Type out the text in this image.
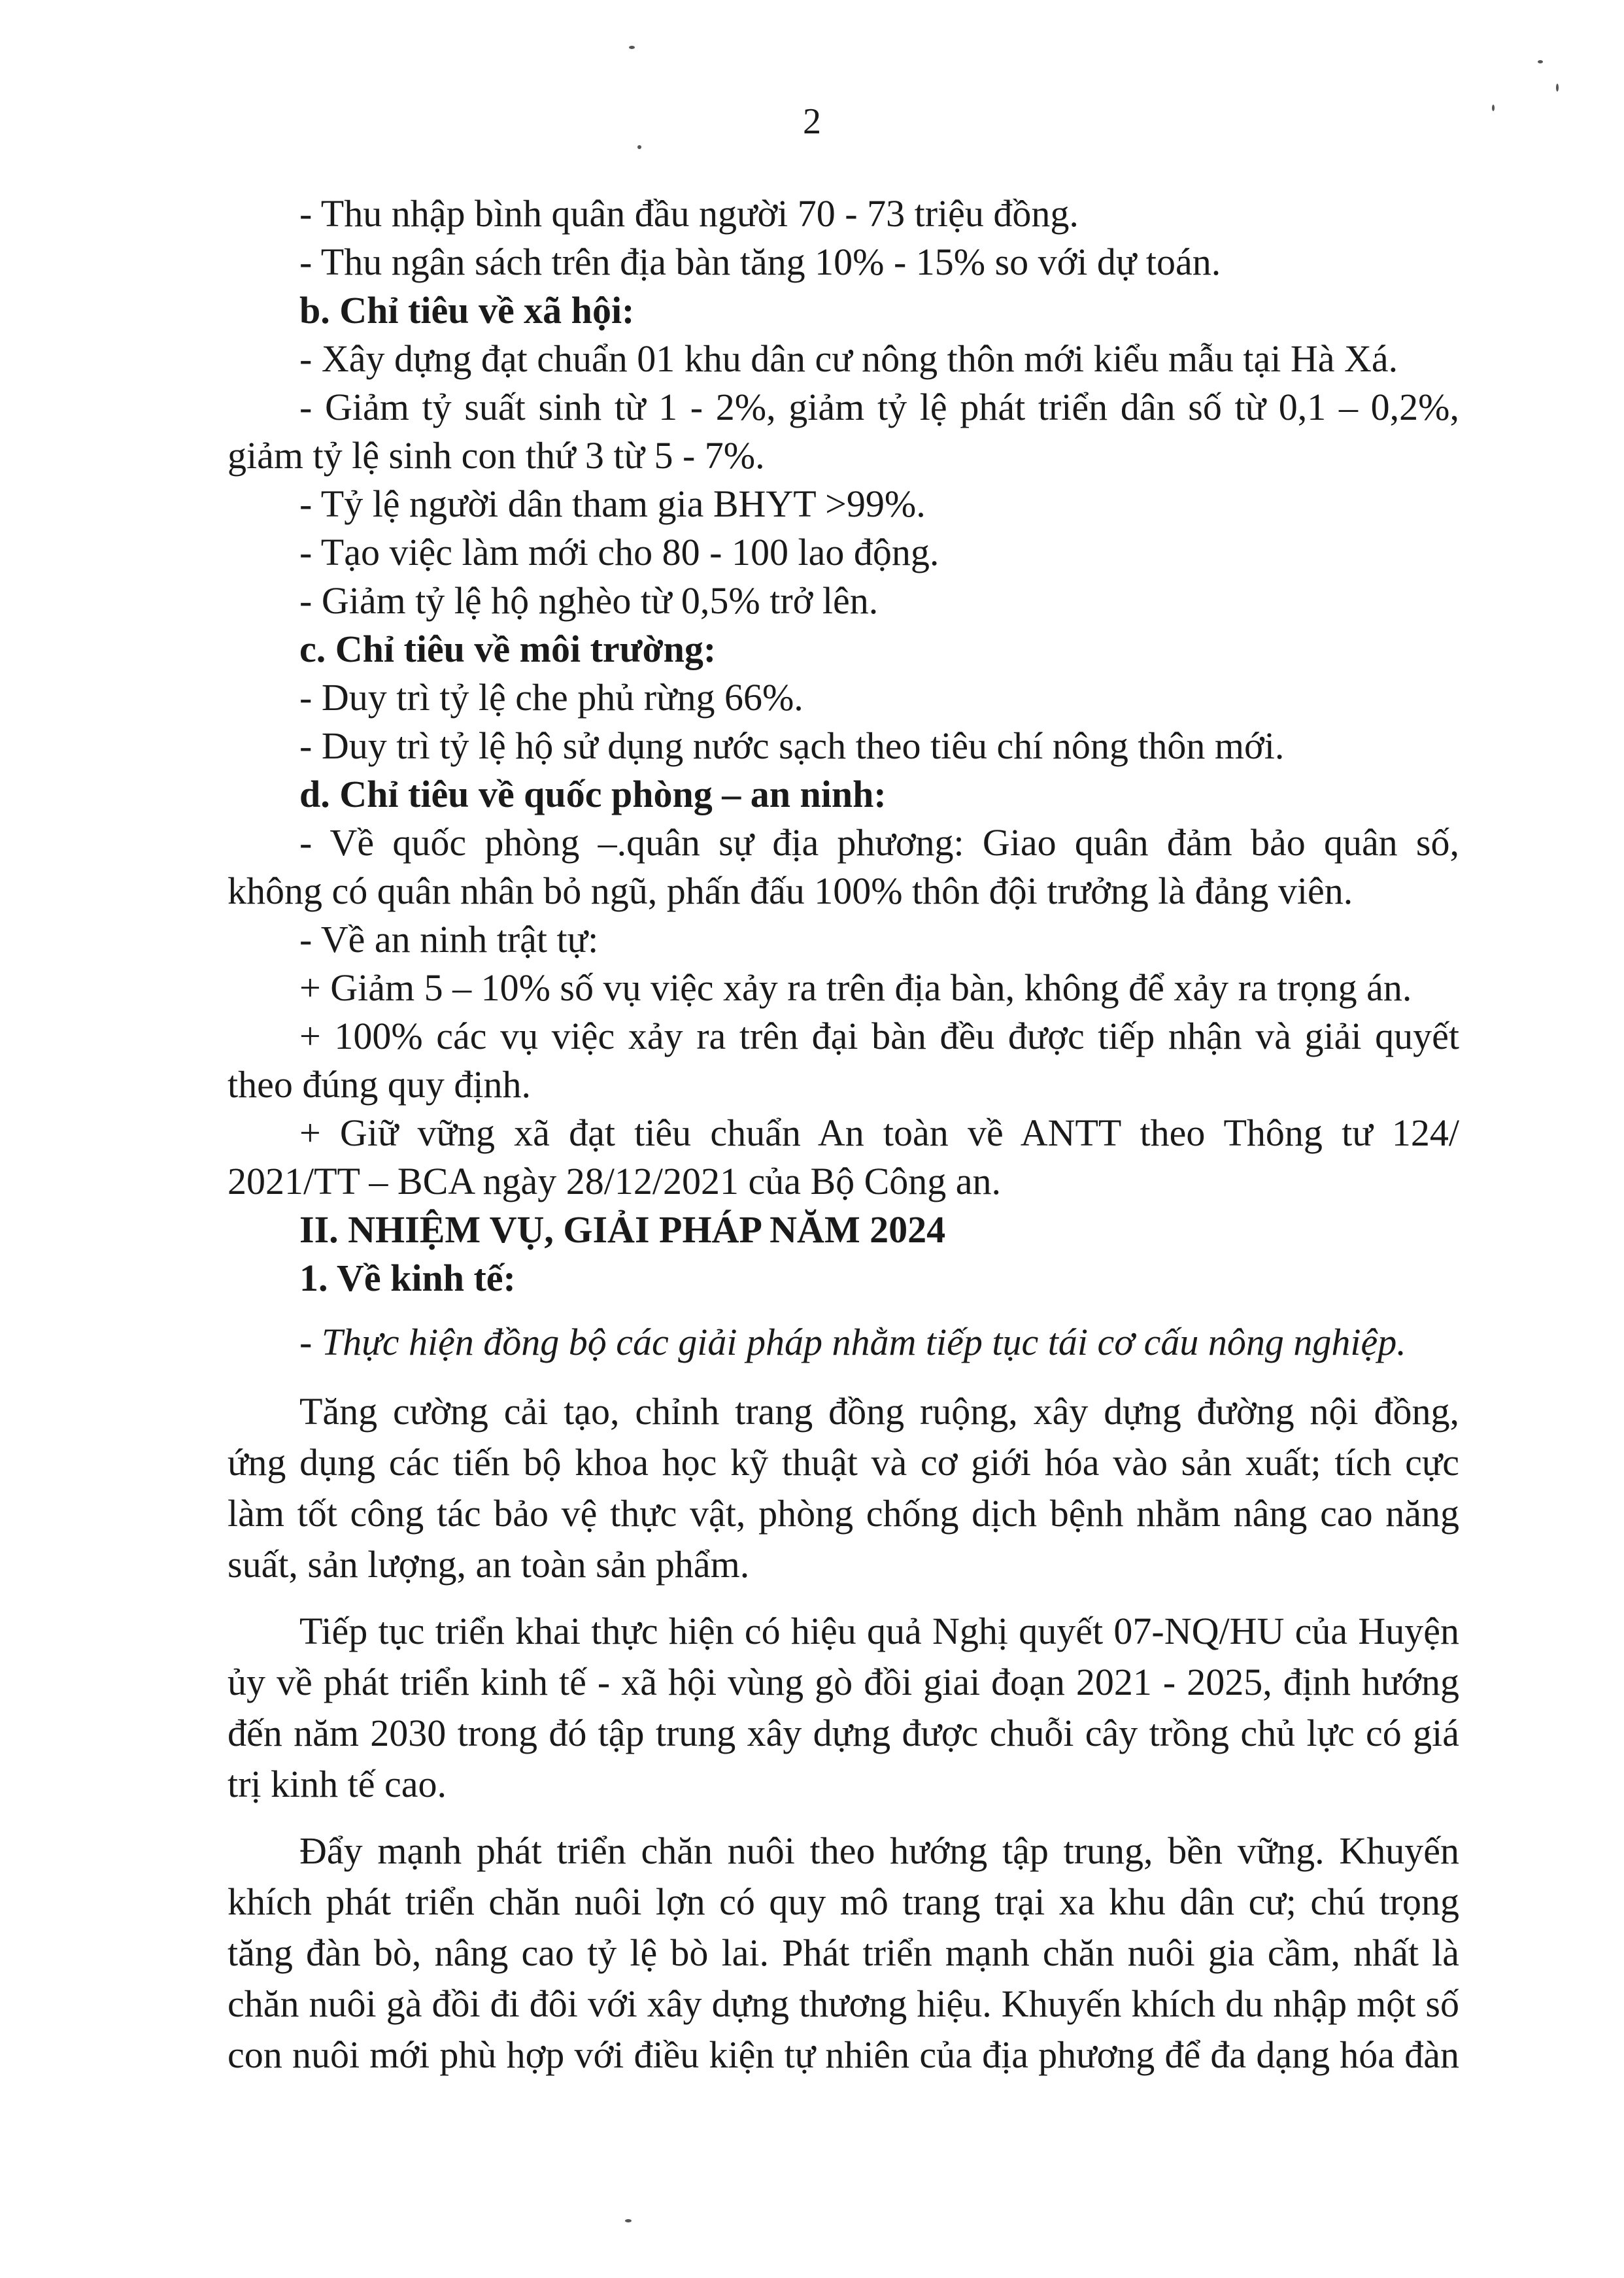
2
- Thu nhập bình quân đầu người 70 - 73 triệu đồng.
- Thu ngân sách trên địa bàn tăng 10% - 15% so với dự toán.
b. Chỉ tiêu về xã hội:
- Xây dựng đạt chuẩn 01 khu dân cư nông thôn mới kiểu mẫu tại Hà Xá.
- Giảm tỷ suất sinh từ 1 - 2%, giảm tỷ lệ phát triển dân số từ 0,1 – 0,2%,
giảm tỷ lệ sinh con thứ 3 từ 5 - 7%.
- Tỷ lệ người dân tham gia BHYT >99%.
- Tạo việc làm mới cho 80 - 100 lao động.
- Giảm tỷ lệ hộ nghèo từ 0,5% trở lên.
c. Chỉ tiêu về môi trường:
- Duy trì tỷ lệ che phủ rừng 66%.
- Duy trì tỷ lệ hộ sử dụng nước sạch theo tiêu chí nông thôn mới.
d. Chỉ tiêu về quốc phòng – an ninh:
- Về quốc phòng –.quân sự địa phương: Giao quân đảm bảo quân số,
không có quân nhân bỏ ngũ, phấn đấu 100% thôn đội trưởng là đảng viên.
- Về an ninh trật tự:
+ Giảm 5 – 10% số vụ việc xảy ra trên địa bàn, không để xảy ra trọng án.
+ 100% các vụ việc xảy ra trên đại bàn đều được tiếp nhận và giải quyết
theo đúng quy định.
+ Giữ vững xã đạt tiêu chuẩn An toàn về ANTT theo Thông tư 124/
2021/TT – BCA ngày 28/12/2021 của Bộ Công an.
II. NHIỆM VỤ, GIẢI PHÁP NĂM 2024
1. Về kinh tế:
- Thực hiện đồng bộ các giải pháp nhằm tiếp tục tái cơ cấu nông nghiệp.
Tăng cường cải tạo, chỉnh trang đồng ruộng, xây dựng đường nội đồng,
ứng dụng các tiến bộ khoa học kỹ thuật và cơ giới hóa vào sản xuất; tích cực
làm tốt công tác bảo vệ thực vật, phòng chống dịch bệnh nhằm nâng cao năng
suất, sản lượng, an toàn sản phẩm.
Tiếp tục triển khai thực hiện có hiệu quả Nghị quyết 07-NQ/HU của Huyện
ủy về phát triển kinh tế - xã hội vùng gò đồi giai đoạn 2021 - 2025, định hướng
đến năm 2030 trong đó tập trung xây dựng được chuỗi cây trồng chủ lực có giá
trị kinh tế cao.
Đẩy mạnh phát triển chăn nuôi theo hướng tập trung, bền vững. Khuyến
khích phát triển chăn nuôi lợn có quy mô trang trại xa khu dân cư; chú trọng
tăng đàn bò, nâng cao tỷ lệ bò lai. Phát triển mạnh chăn nuôi gia cầm, nhất là
chăn nuôi gà đồi đi đôi với xây dựng thương hiệu. Khuyến khích du nhập một số
con nuôi mới phù hợp với điều kiện tự nhiên của địa phương để đa dạng hóa đàn
